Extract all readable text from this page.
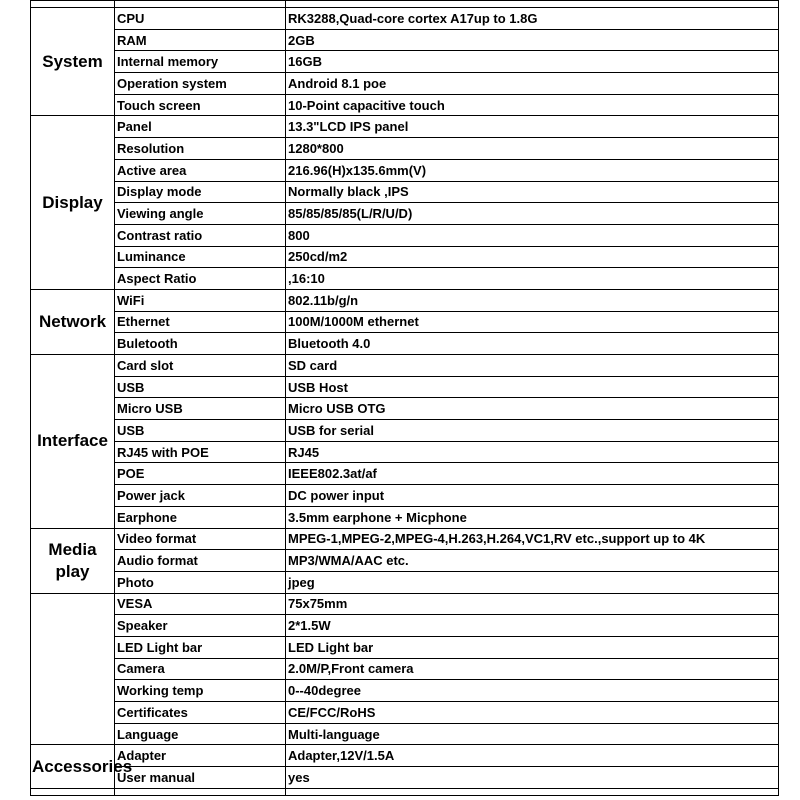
System	CPU	RK3288,Quad-core cortex A17up to 1.8G
	RAM	2GB
	Internal memory	16GB
	Operation system	Android 8.1 poe
	Touch screen	10-Point capacitive touch
Display	Panel	13.3"LCD IPS panel
	Resolution	1280*800
	Active area	216.96(H)x135.6mm(V)
	Display mode	Normally black ,IPS
	Viewing angle	85/85/85/85(L/R/U/D)
	Contrast ratio	800
	Luminance	250cd/m2
	Aspect Ratio	,16:10
Network	WiFi	802.11b/g/n
	Ethernet	100M/1000M ethernet
	Buletooth	Bluetooth 4.0
Interface	Card slot	SD card
	USB	USB Host
	Micro USB	Micro USB OTG
	USB	USB for serial
	RJ45 with POE	RJ45
	POE	IEEE802.3at/af
	Power jack	DC power input
	Earphone	3.5mm earphone + Micphone
Media play	Video format	MPEG-1,MPEG-2,MPEG-4,H.263,H.264,VC1,RV etc.,support up to 4K
	Audio format	MP3/WMA/AAC etc.
	Photo	jpeg
	VESA	75x75mm
	Speaker	2*1.5W
	LED Light bar	LED Light bar
	Camera	2.0M/P,Front camera
	Working temp	0--40degree
	Certificates	CE/FCC/RoHS
	Language	Multi-language
Accessories	Adapter	Adapter,12V/1.5A
	User manual	yes
